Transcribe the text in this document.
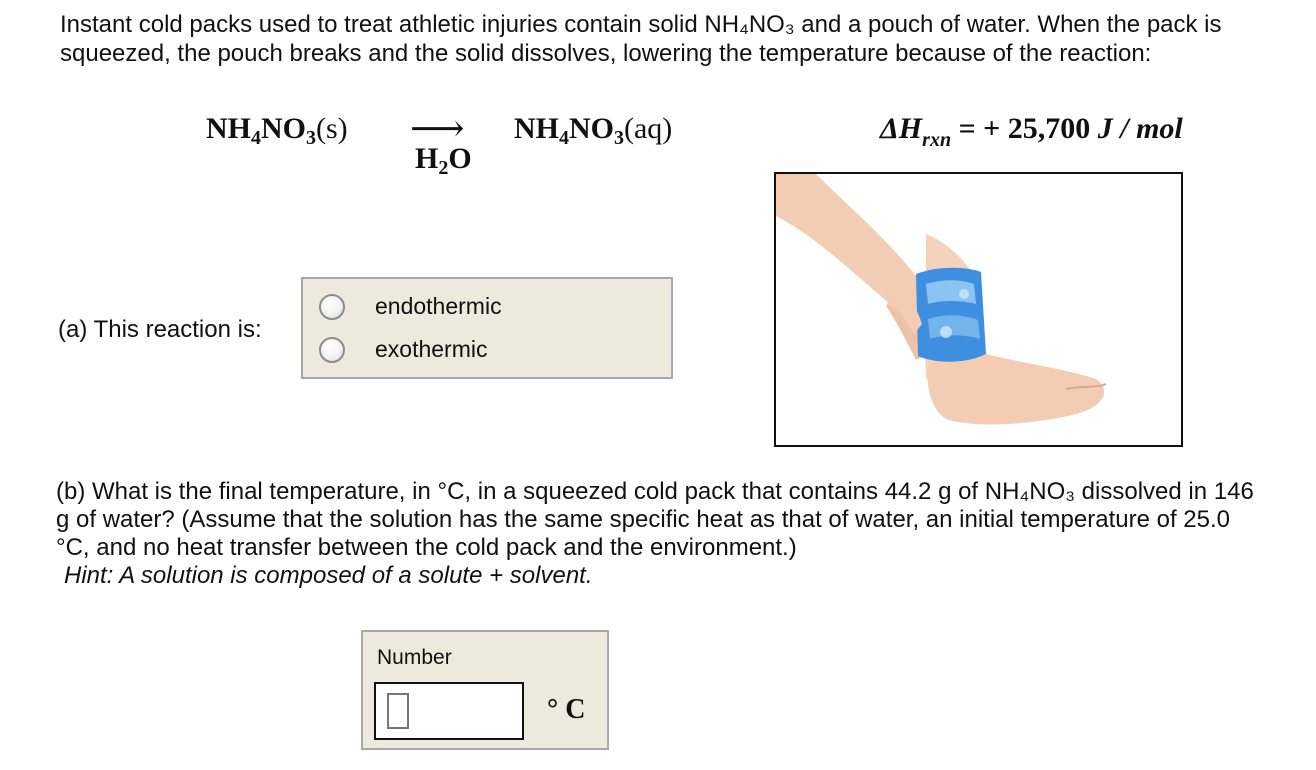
Instant cold packs used to treat athletic injuries contain solid NH₄NO₃ and a pouch of water. When the pack is squeezed, the pouch breaks and the solid dissolves, lowering the temperature because of the reaction:

$NH_4NO_3(s)$ ⟶
$H_2O$
$NH_4NO_3(aq)$	$\Delta H_{rxn}$ = + 25,700 J / mol
(a) This reaction is:
endothermic
exothermic

(b) What is the final temperature, in °C, in a squeezed cold pack that contains 44.2 g of NH₄NO₃ dissolved in 146 g of water? (Assume that the solution has the same specific heat as that of water, an initial temperature of 25.0 °C, and no heat transfer between the cold pack and the environment.)

Hint: A solution is composed of a solute + solvent.

Number
° C
